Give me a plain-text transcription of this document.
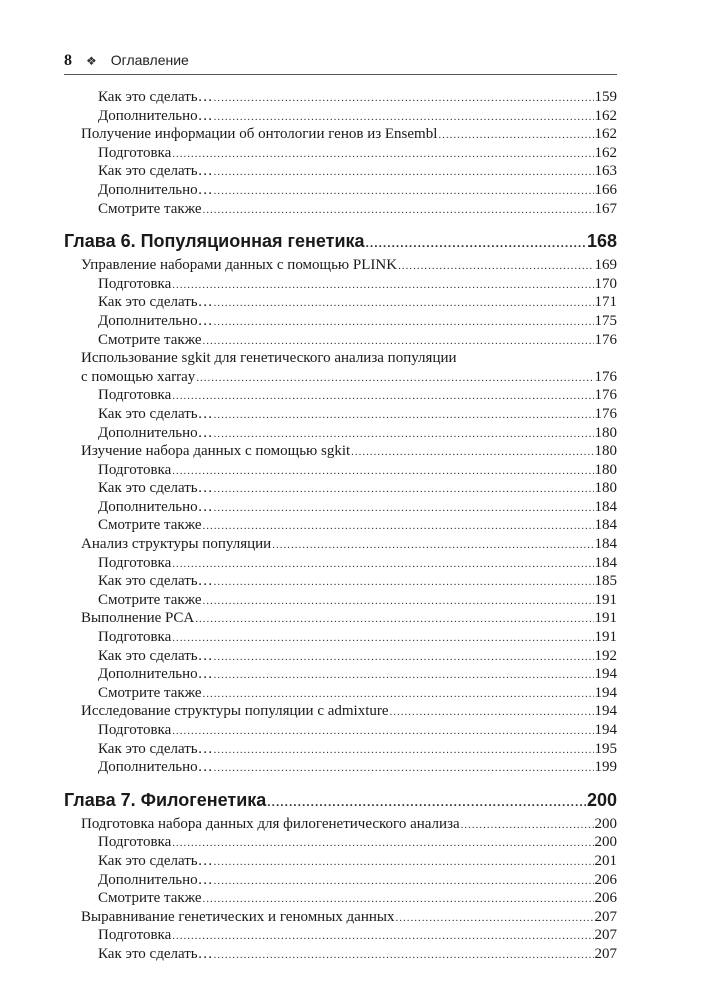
8 ❖ Оглавление
Как это сделать… .....	159
Дополнительно… .....	162
Получение информации об онтологии генов из Ensembl .....	162
Подготовка .....	162
Как это сделать… .....	163
Дополнительно… .....	166
Смотрите также .....	167
Глава 6. Популяционная генетика .....	168
Управление наборами данных с помощью PLINK .....	169
Подготовка .....	170
Как это сделать… .....	171
Дополнительно… .....	175
Смотрите также .....	176
Использование sgkit для генетического анализа популяции
с помощью xarray .....	176
Подготовка .....	176
Как это сделать… .....	176
Дополнительно… .....	180
Изучение набора данных с помощью sgkit .....	180
Подготовка .....	180
Как это сделать… .....	180
Дополнительно… .....	184
Смотрите также .....	184
Анализ структуры популяции .....	184
Подготовка .....	184
Как это сделать… .....	185
Смотрите также .....	191
Выполнение PCA .....	191
Подготовка .....	191
Как это сделать… .....	192
Дополнительно… .....	194
Смотрите также .....	194
Исследование структуры популяции с admixture .....	194
Подготовка .....	194
Как это сделать… .....	195
Дополнительно… .....	199
Глава 7. Филогенетика .....	200
Подготовка набора данных для филогенетического анализа .....	200
Подготовка .....	200
Как это сделать… .....	201
Дополнительно… .....	206
Смотрите также .....	206
Выравнивание генетических и геномных данных .....	207
Подготовка .....	207
Как это сделать… .....	207
